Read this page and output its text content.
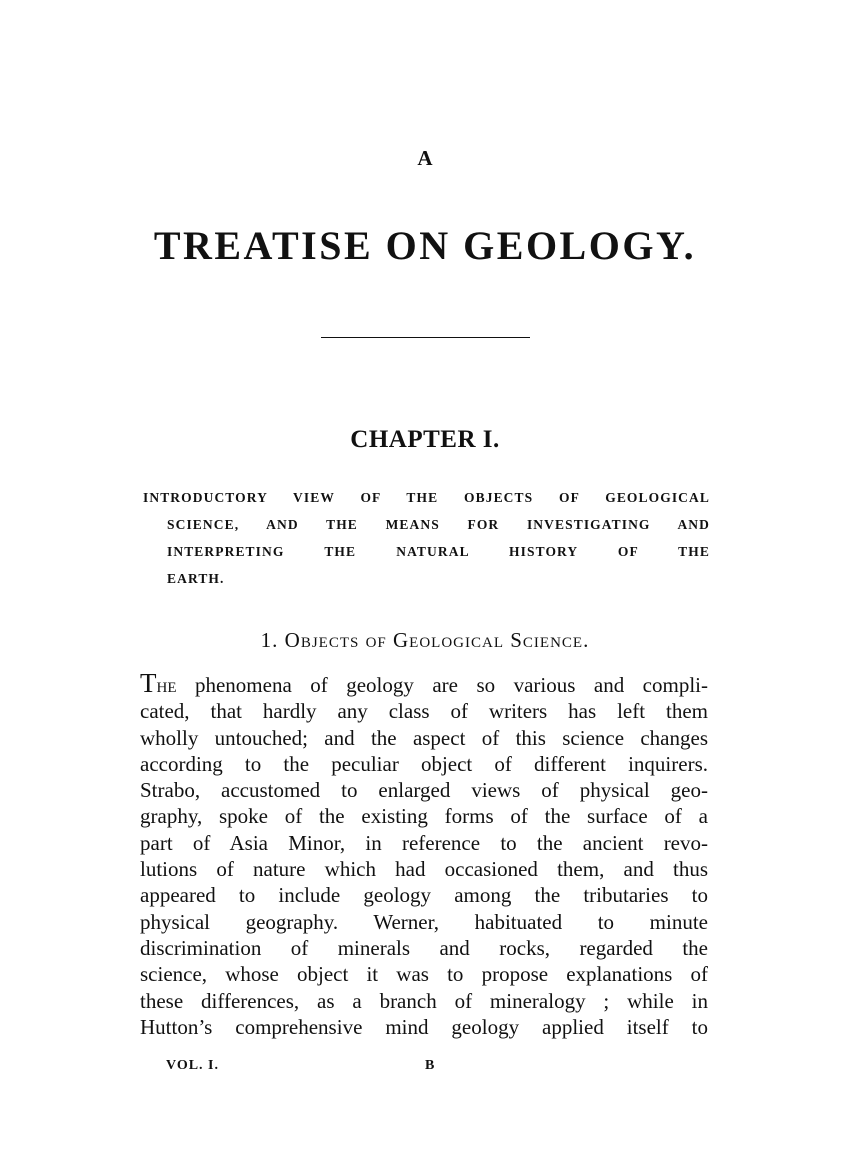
A
TREATISE ON GEOLOGY.
CHAPTER I.
INTRODUCTORY VIEW OF THE OBJECTS OF GEOLOGICAL
SCIENCE, AND THE MEANS FOR INVESTIGATING AND
INTERPRETING THE NATURAL HISTORY OF THE
EARTH.
1. Objects of Geological Science.
The phenomena of geology are so various and compli-
cated, that hardly any class of writers has left them
wholly untouched; and the aspect of this science changes
according to the peculiar object of different inquirers.
Strabo, accustomed to enlarged views of physical geo-
graphy, spoke of the existing forms of the surface of a
part of Asia Minor, in reference to the ancient revo-
lutions of nature which had occasioned them, and thus
appeared to include geology among the tributaries to
physical geography. Werner, habituated to minute
discrimination of minerals and rocks, regarded the
science, whose object it was to propose explanations of
these differences, as a branch of mineralogy ; while in
Hutton’s comprehensive mind geology applied itself to
VOL. I.	B
